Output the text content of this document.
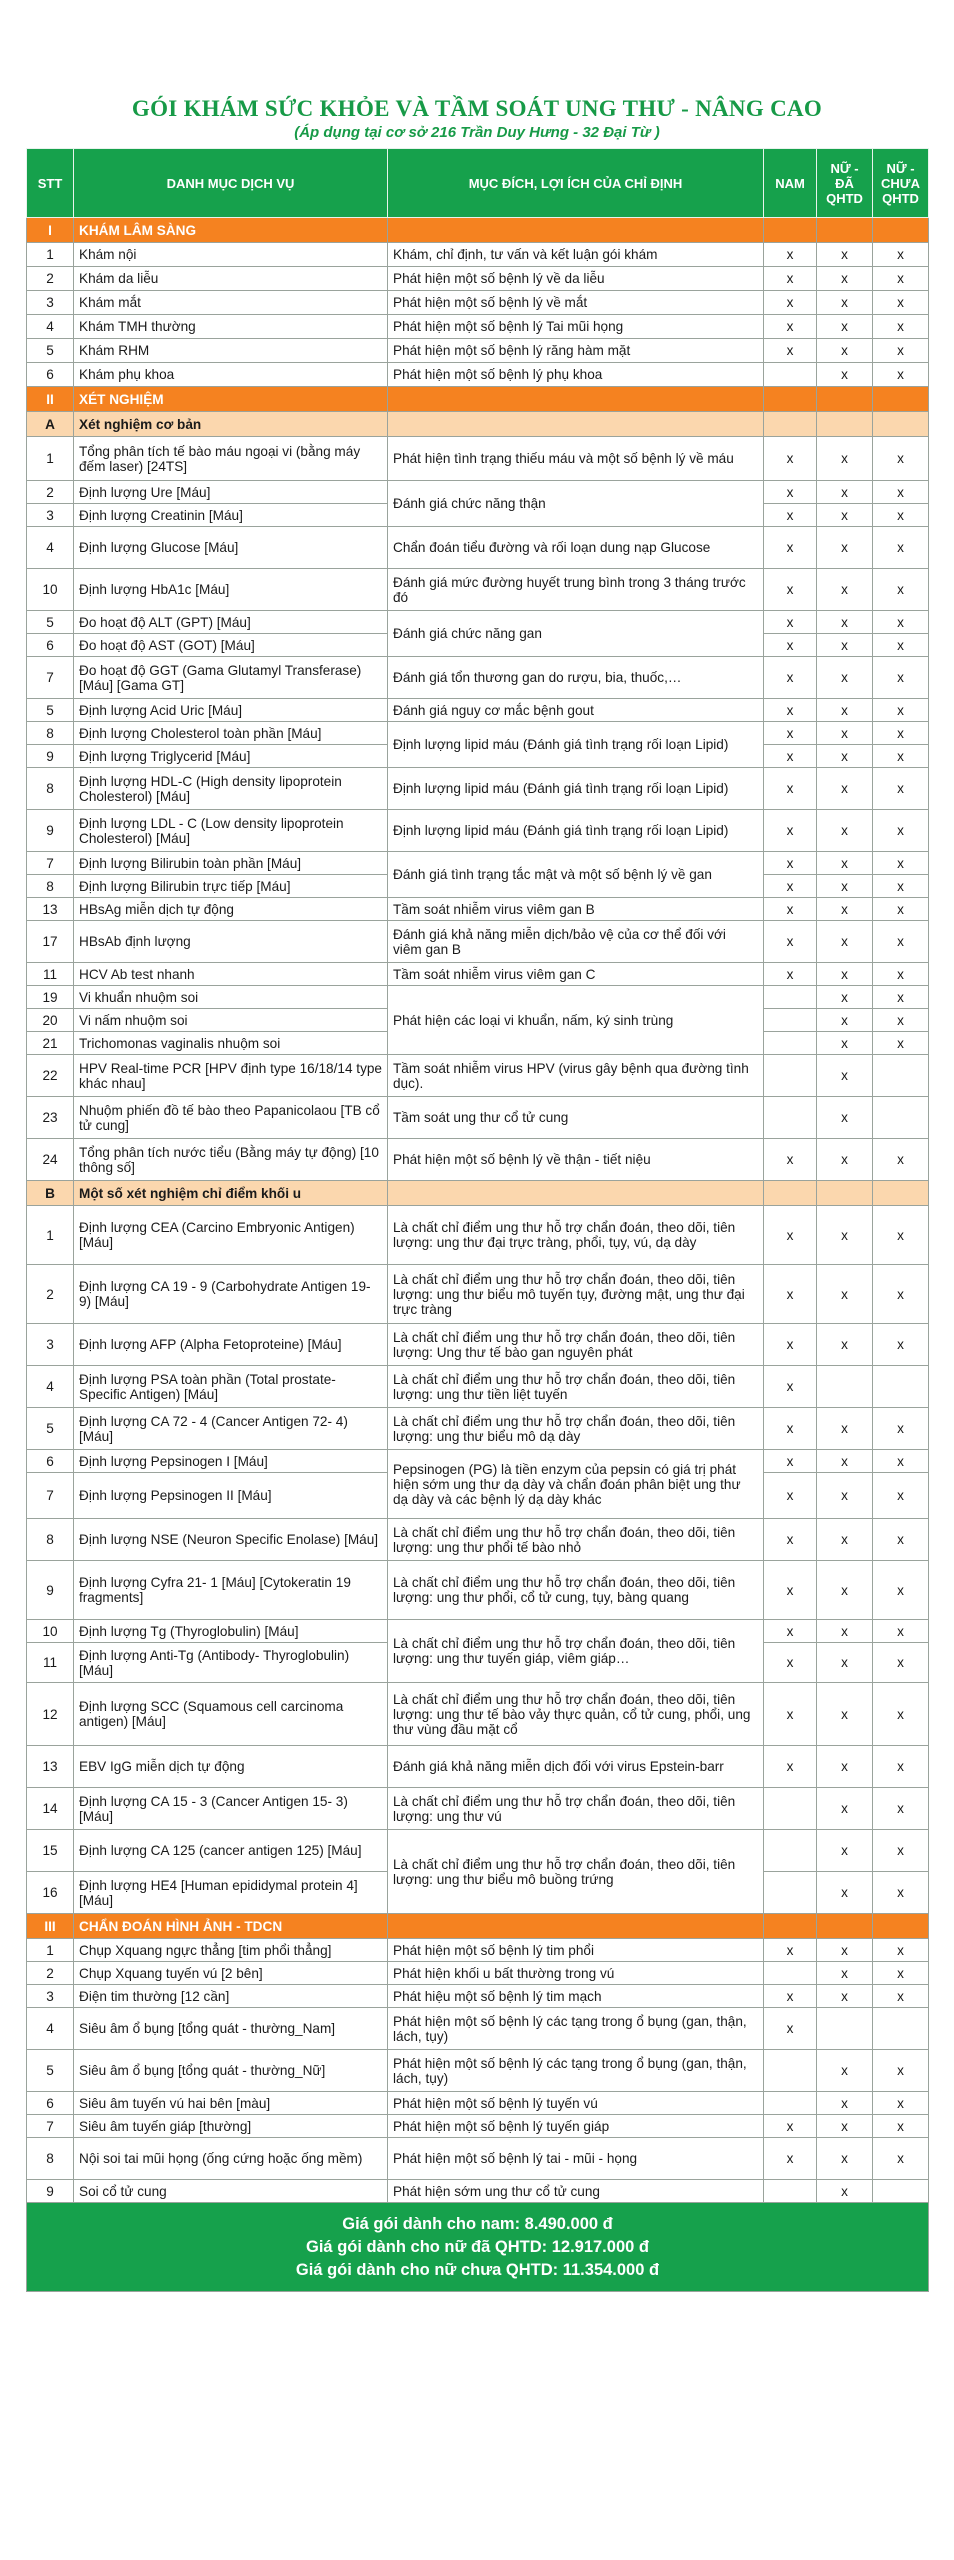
GÓI KHÁM SỨC KHỎE VÀ TẦM SOÁT UNG THƯ - NÂNG CAO
(Áp dụng tại cơ sở 216 Trần Duy Hưng - 32 Đại Từ )
STT	DANH MỤC DỊCH VỤ	MỤC ĐÍCH, LỢI ÍCH CỦA CHỈ ĐỊNH	NAM	NỮ - ĐÃ QHTD	NỮ - CHƯA QHTD
I	KHÁM LÂM SÀNG				
1	Khám nội	Khám, chỉ định, tư vấn và kết luận gói khám	x	x	x
2	Khám da liễu	Phát hiện một số bệnh lý về da liễu	x	x	x
3	Khám mắt	Phát hiện một số bệnh lý về mắt	x	x	x
4	Khám TMH thường	Phát hiện một số bệnh lý Tai mũi họng	x	x	x
5	Khám RHM	Phát hiện một số bệnh lý răng hàm mặt	x	x	x
6	Khám phụ khoa	Phát hiện một số bệnh lý phụ khoa		x	x
II	XÉT NGHIỆM				
A	Xét nghiệm cơ bản				
1	Tổng phân tích tế bào máu ngoại vi (bằng máy đếm laser) [24TS]	Phát hiện tình trạng thiếu máu và một số bệnh lý về máu	x	x	x
2	Định lượng Ure [Máu]	Đánh giá chức năng thận	x	x	x
3	Định lượng Creatinin [Máu]		x	x	x
4	Định lượng Glucose [Máu]	Chẩn đoán tiểu đường và rối loạn dung nạp Glucose	x	x	x
10	Định lượng HbA1c [Máu]	Đánh giá mức đường huyết trung bình trong 3 tháng trước đó	x	x	x
5	Đo hoạt độ ALT (GPT) [Máu]	Đánh giá chức năng gan	x	x	x
6	Đo hoạt độ AST (GOT) [Máu]		x	x	x
7	Đo hoạt độ GGT (Gama Glutamyl Transferase) [Máu] [Gama GT]	Đánh giá tổn thương gan do rượu, bia, thuốc,…	x	x	x
5	Định lượng Acid Uric [Máu]	Đánh giá nguy cơ mắc bệnh gout	x	x	x
8	Định lượng Cholesterol toàn phần [Máu]	Định lượng lipid máu (Đánh giá tình trạng rối loạn Lipid)	x	x	x
9	Định lượng Triglycerid [Máu]		x	x	x
8	Định lượng HDL-C (High density lipoprotein Cholesterol) [Máu]	Định lượng lipid máu (Đánh giá tình trạng rối loạn Lipid)	x	x	x
9	Định lượng LDL - C (Low density lipoprotein Cholesterol) [Máu]	Định lượng lipid máu (Đánh giá tình trạng rối loạn Lipid)	x	x	x
7	Định lượng Bilirubin toàn phần [Máu]	Đánh giá tình trạng tắc mật và một số bệnh lý về gan	x	x	x
8	Định lượng Bilirubin trực tiếp [Máu]		x	x	x
13	HBsAg miễn dịch tự động	Tầm soát nhiễm virus viêm gan B	x	x	x
17	HBsAb định lượng	Đánh giá khả năng miễn dịch/bảo vệ của cơ thể đối với viêm gan B	x	x	x
11	HCV Ab test nhanh	Tầm soát nhiễm virus viêm gan C	x	x	x
19	Vi khuẩn nhuộm soi	Phát hiện các loại vi khuẩn, nấm, ký sinh trùng		x	x
20	Vi nấm nhuộm soi			x	x
21	Trichomonas vaginalis nhuộm soi			x	x
22	HPV Real-time PCR [HPV định type 16/18/14 type khác nhau]	Tầm soát nhiễm virus HPV (virus gây bệnh qua đường tình dục).		x	
23	Nhuộm phiến đồ tế bào theo Papanicolaou [TB cổ tử cung]	Tầm soát ung thư cổ tử cung		x	
24	Tổng phân tích nước tiểu (Bằng máy tự động) [10 thông số]	Phát hiện một số bệnh lý về thận - tiết niệu	x	x	x
B	Một số xét nghiệm chỉ điểm khối u				
1	Định lượng CEA (Carcino Embryonic Antigen) [Máu]	Là chất chỉ điểm ung thư hỗ trợ chẩn đoán, theo dõi, tiên lượng: ung thư đại trực tràng, phổi, tụy, vú, dạ dày	x	x	x
2	Định lượng CA 19 - 9 (Carbohydrate Antigen 19-9) [Máu]	Là chất chỉ điểm ung thư hỗ trợ chẩn đoán, theo dõi, tiên lượng: ung thư biểu mô tuyến tụy, đường mật, ung thư đại trực tràng	x	x	x
3	Định lượng AFP (Alpha Fetoproteine) [Máu]	Là chất chỉ điểm ung thư hỗ trợ chẩn đoán, theo dõi, tiên lượng: Ung thư tế bào gan nguyên phát	x	x	x
4	Định lượng PSA toàn phần (Total prostate-Specific Antigen) [Máu]	Là chất chỉ điểm ung thư hỗ trợ chẩn đoán, theo dõi, tiên lượng: ung thư tiền liệt tuyến	x		
5	Định lượng CA 72 - 4 (Cancer Antigen 72- 4) [Máu]	Là chất chỉ điểm ung thư hỗ trợ chẩn đoán, theo dõi, tiên lượng: ung thư biểu mô dạ dày	x	x	x
6	Định lượng Pepsinogen I [Máu]	Pepsinogen (PG) là tiền enzym của pepsin có giá trị phát hiện sớm ung thư dạ dày và chẩn đoán phân biệt ung thư dạ dày và các bệnh lý dạ dày khác	x	x	x
7	Định lượng Pepsinogen II [Máu]		x	x	x
8	Định lượng NSE (Neuron Specific Enolase) [Máu]	Là chất chỉ điểm ung thư hỗ trợ chẩn đoán, theo dõi, tiên lượng: ung thư phổi tế bào nhỏ	x	x	x
9	Định lượng Cyfra 21- 1 [Máu] [Cytokeratin 19 fragments]	Là chất chỉ điểm ung thư hỗ trợ chẩn đoán, theo dõi, tiên lượng: ung thư phổi, cổ tử cung, tụy, bàng quang	x	x	x
10	Định lượng Tg (Thyroglobulin) [Máu]	Là chất chỉ điểm ung thư hỗ trợ chẩn đoán, theo dõi, tiên lượng: ung thư tuyến giáp, viêm giáp…	x	x	x
11	Định lượng Anti-Tg (Antibody- Thyroglobulin) [Máu]		x	x	x
12	Định lượng SCC (Squamous cell carcinoma antigen) [Máu]	Là chất chỉ điểm ung thư hỗ trợ chẩn đoán, theo dõi, tiên lượng: ung thư tế bào vảy thực quản, cổ tử cung, phổi, ung thư vùng đầu mặt cổ	x	x	x
13	EBV IgG miễn dịch tự động	Đánh giá khả năng miễn dịch đối với virus Epstein-barr	x	x	x
14	Định lượng CA 15 - 3 (Cancer Antigen 15- 3) [Máu]	Là chất chỉ điểm ung thư hỗ trợ chẩn đoán, theo dõi, tiên lượng: ung thư vú		x	x
15	Định lượng CA 125 (cancer antigen 125) [Máu]	Là chất chỉ điểm ung thư hỗ trợ chẩn đoán, theo dõi, tiên lượng: ung thư biểu mô buồng trứng		x	x
16	Định lượng HE4 [Human epididymal protein 4] [Máu]			x	x
III	CHẨN ĐOÁN HÌNH ẢNH - TDCN				
1	Chụp Xquang ngực thẳng [tim phổi thẳng]	Phát hiện một số bệnh lý tim phổi	x	x	x
2	Chụp Xquang tuyến vú [2 bên]	Phát hiện khối u bất thường trong vú		x	x
3	Điện tim thường [12 cần]	Phát hiệu một số bệnh lý tim mạch	x	x	x
4	Siêu âm ổ bụng [tổng quát - thường_Nam]	Phát hiện một số bệnh lý các tạng trong ổ bụng (gan, thận, lách, tụy)	x		
5	Siêu âm ổ bụng [tổng quát - thường_Nữ]	Phát hiện một số bệnh lý các tạng trong ổ bụng (gan, thận, lách, tụy)		x	x
6	Siêu âm tuyến vú hai bên [màu]	Phát hiện một số bệnh lý tuyến vú		x	x
7	Siêu âm tuyến giáp [thường]	Phát hiện một số bệnh lý tuyến giáp	x	x	x
8	Nội soi tai mũi họng (ống cứng hoặc ống mềm)	Phát hiện một số bệnh lý tai - mũi - họng	x	x	x
9	Soi cổ tử cung	Phát hiện sớm ung thư cổ tử cung		x	

Giá gói dành cho nam: 8.490.000 đ
Giá gói dành cho nữ đã QHTD: 12.917.000 đ
Giá gói dành cho nữ chưa QHTD: 11.354.000 đ					
